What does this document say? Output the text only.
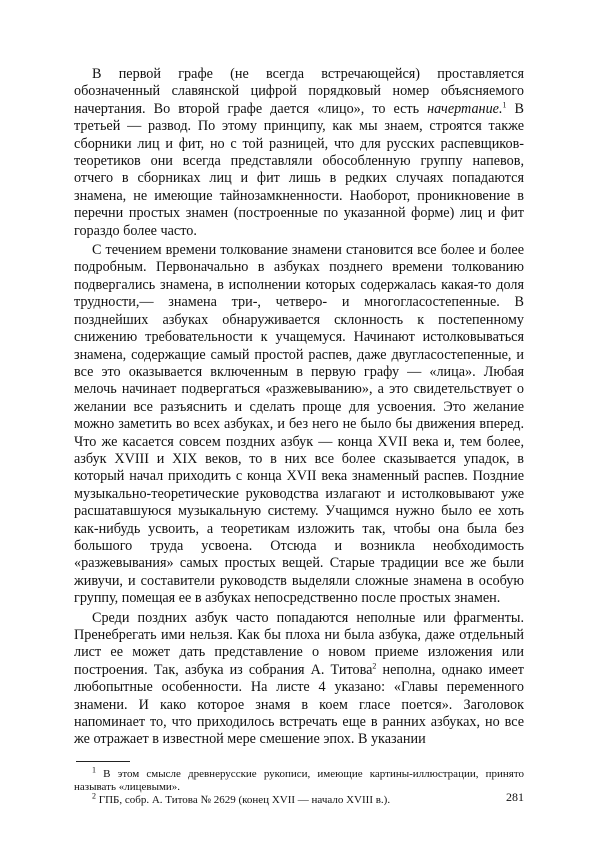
В первой графе (не всегда встречающейся) проставляется обозначенный славянской цифрой порядковый номер объясняемого начертания. Во второй графе дается «лицо», то есть начертание.$^1$ В третьей — развод. По этому принципу, как мы знаем, строятся также сборники лиц и фит, но с той разницей, что для русских распевщиков-теоретиков они всегда представляли обособленную группу напевов, отчего в сборниках лиц и фит лишь в редких случаях попадаются знамена, не имеющие тайнозамкненности. Наоборот, проникновение в перечни простых знамен (построенные по указанной форме) лиц и фит гораздо более часто.

С течением времени толкование знамени становится все более и более подробным. Первоначально в азбуках позднего времени толкованию подвергались знамена, в исполнении которых содержалась какая-то доля трудности,— знамена три-, четверо- и многогласостепенные. В позднейших азбуках обнаруживается склонность к постепенному снижению требовательности к учащемуся. Начинают истолковываться знамена, содержащие самый простой распев, даже двугласостепенные, и все это оказывается включенным в первую графу — «лица». Любая мелочь начинает подвергаться «разжевыванию», а это свидетельствует о желании все разъяснить и сделать проще для усвоения. Это желание можно заметить во всех азбуках, и без него не было бы движения вперед. Что же касается совсем поздних азбук — конца XVII века и, тем более, азбук XVIII и XIX веков, то в них все более сказывается упадок, в который начал приходить с конца XVII века знаменный распев. Поздние музыкально-теоретические руководства излагают и истолковывают уже расшатавшуюся музыкальную систему. Учащимся нужно было ее хоть как-нибудь усвоить, а теоретикам изложить так, чтобы она была без большого труда усвоена. Отсюда и возникла необходимость «разжевывания» самых простых вещей. Старые традиции все же были живучи, и составители руководств выделяли сложные знамена в особую группу, помещая ее в азбуках непосредственно после простых знамен.

Среди поздних азбук часто попадаются неполные или фрагменты. Пренебрегать ими нельзя. Как бы плоха ни была азбука, даже отдельный лист ее может дать представление о новом приеме изложения или построения. Так, азбука из собрания А. Титова$^2$ неполна, однако имеет любопытные особенности. На листе 4 указано: «Главы переменного знамени. И како которое знамя в коем гласе поется». Заголовок напоминает то, что приходилось встречать еще в ранних азбуках, но все же отражает в известной мере смешение эпох. В указании

$^1$ В этом смысле древнерусские рукописи, имеющие картины-иллюстрации, принято называть «лицевыми».

$^2$ ГПБ, собр. А. Титова № 2629 (конец XVII — начало XVIII в.).	281
